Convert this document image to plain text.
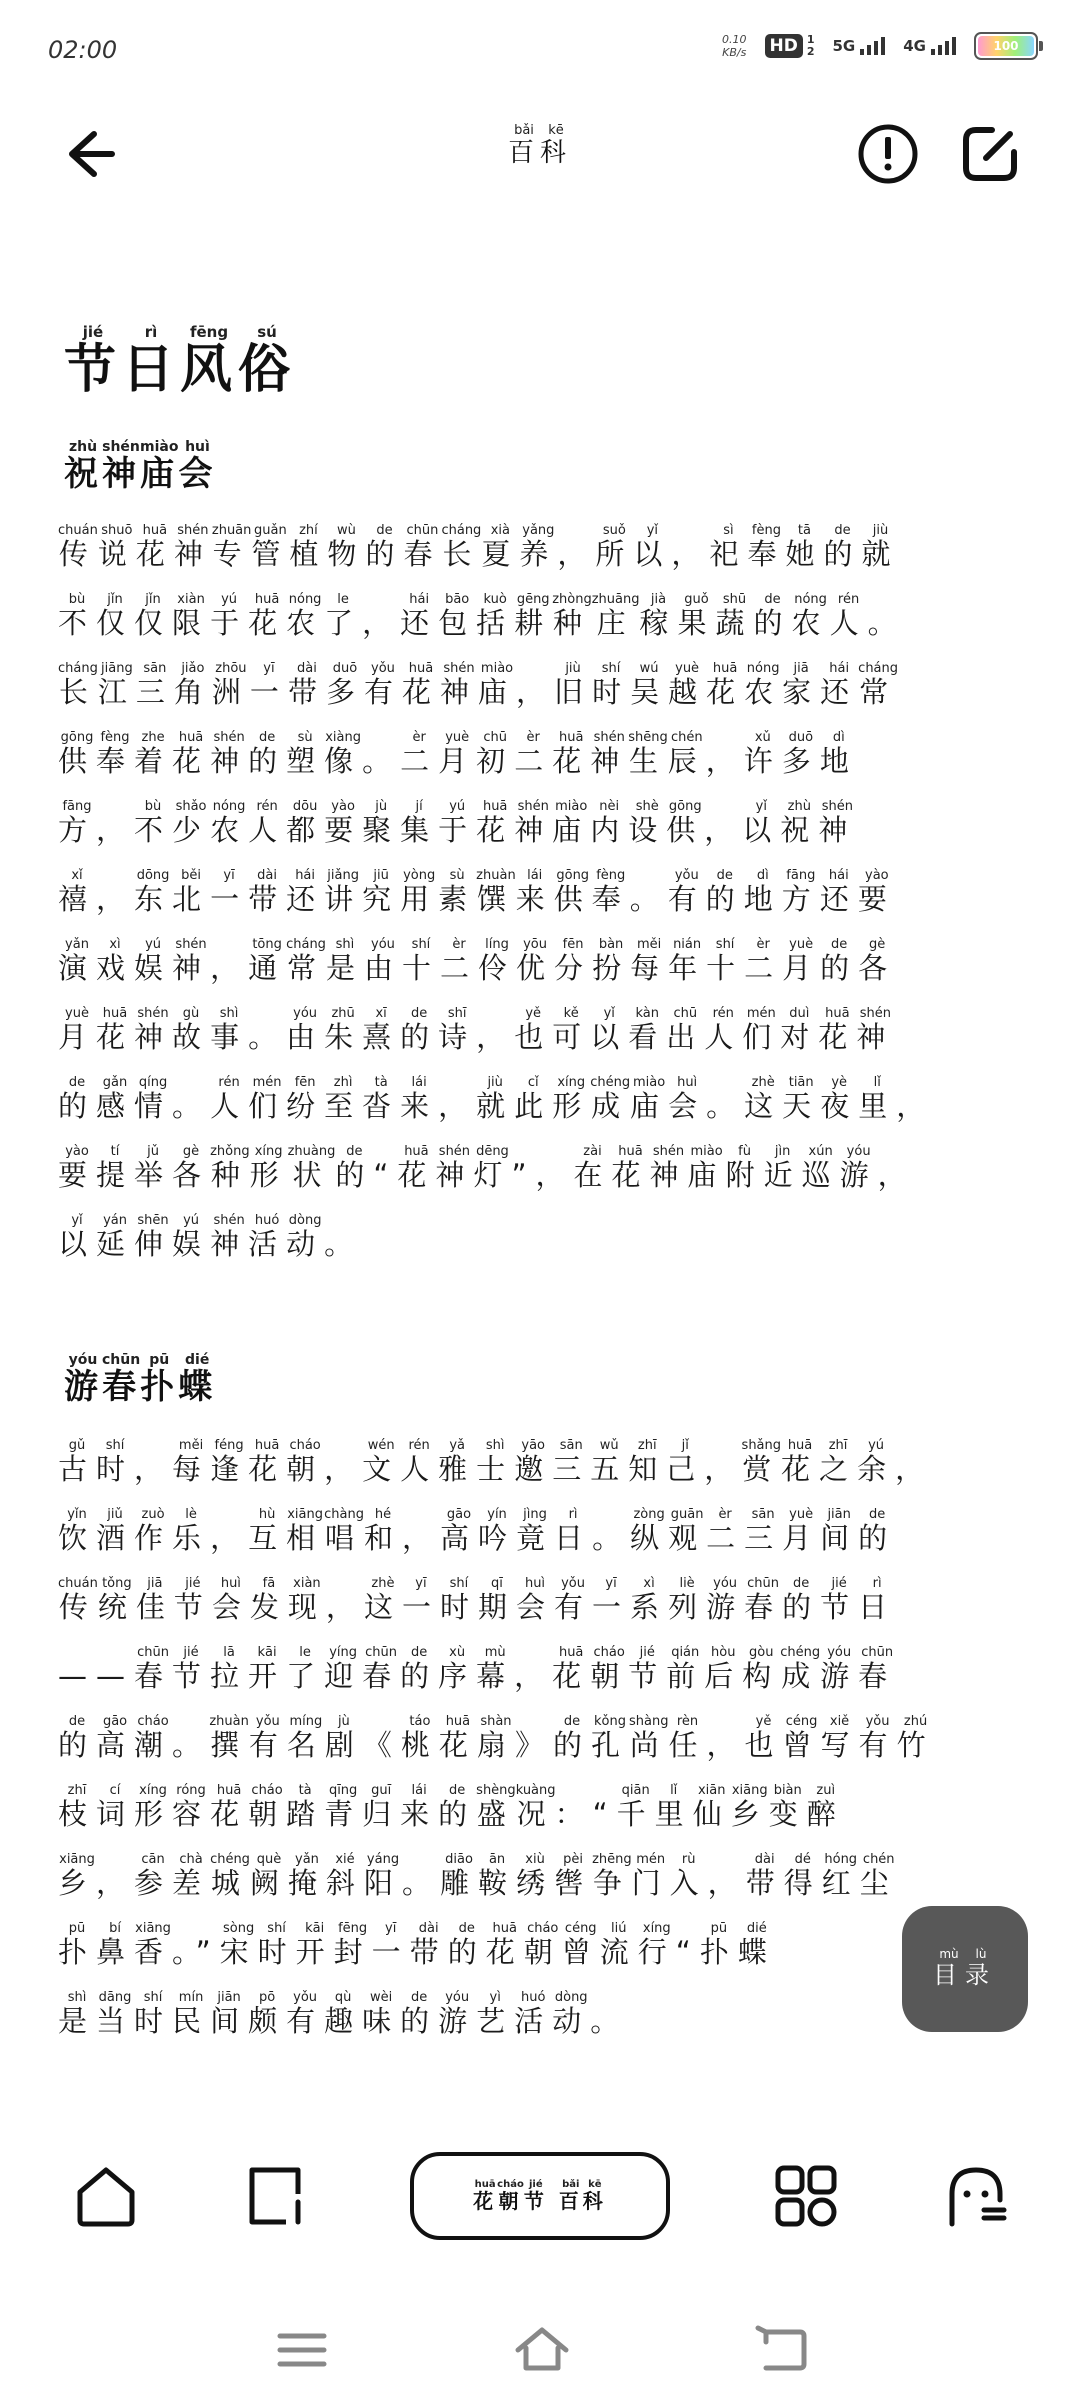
02:00	0.10
KB/s HD 1
2 5G	4G	100
百bǎi科kē
节jié日rì风fēng俗sú
祝zhù神shén庙miào会huì
传chuán说shuō花huā神shén专zhuān管guǎn植zhí物wù的de春chūn长cháng夏xià养yǎng，所suǒ以yǐ，祀sì奉fèng她tā的de就jiù
不bù仅jǐn仅jǐn限xiàn于yú花huā农nóng了le，还hái包bāo括kuò耕gēng种zhòng庄zhuāng稼jià果guǒ蔬shū的de农nóng人rén。
长cháng江jiāng三sān角jiǎo洲zhōu一yī带dài多duō有yǒu花huā神shén庙miào，旧jiù时shí吴wú越yuè花huā农nóng家jiā还hái常cháng
供gōng奉fèng着zhe花huā神shén的de塑sù像xiàng。二èr月yuè初chū二èr花huā神shén生shēng辰chén，许xǔ多duō地dì
方fāng，不bù少shǎo农nóng人rén都dōu要yào聚jù集jí于yú花huā神shén庙miào内nèi设shè供gōng，以yǐ祝zhù神shén
禧xǐ，东dōng北běi一yī带dài还hái讲jiǎng究jiū用yòng素sù馔zhuàn来lái供gōng奉fèng。有yǒu的de地dì方fāng还hái要yào
演yǎn戏xì娱yú神shén，通tōng常cháng是shì由yóu十shí二èr伶líng优yōu分fēn扮bàn每měi年nián十shí二èr月yuè的de各gè
月yuè花huā神shén故gù事shì。由yóu朱zhū熹xī的de诗shī，也yě可kě以yǐ看kàn出chū人rén们mén对duì花huā神shén
的de感gǎn情qíng。人rén们mén纷fēn至zhì沓tà来lái，就jiù此cǐ形xíng成chéng庙miào会huì。这zhè天tiān夜yè里lǐ，
要yào提tí举jǔ各gè种zhǒng形xíng状zhuàng的de“花huā神shén灯dēng”，在zài花huā神shén庙miào附fù近jìn巡xún游yóu，
以yǐ延yán伸shēn娱yú神shén活huó动dòng。
游yóu春chūn扑pū蝶dié
古gǔ时shí，每měi逢féng花huā朝cháo，文wén人rén雅yǎ士shì邀yāo三sān五wǔ知zhī己jǐ，赏shǎng花huā之zhī余yú，
饮yǐn酒jiǔ作zuò乐lè，互hù相xiāng唱chàng和hé，高gāo吟yín竟jìng日rì。纵zòng观guān二èr三sān月yuè间jiān的de
传chuán统tǒng佳jiā节jié会huì发fā现xiàn，这zhè一yī时shí期qī会huì有yǒu一yī系xì列liè游yóu春chūn的de节jié日rì
——春chūn节jié拉lā开kāi了le迎yíng春chūn的de序xù幕mù，花huā朝cháo节jié前qián后hòu构gòu成chéng游yóu春chūn
的de高gāo潮cháo。撰zhuàn有yǒu名míng剧jù《桃táo花huā扇shàn》的de孔kǒng尚shàng任rèn，也yě曾céng写xiě有yǒu竹zhú
枝zhī词cí形xíng容róng花huā朝cháo踏tà青qīng归guī来lái的de盛shèng况kuàng：“千qiān里lǐ仙xiān乡xiāng变biàn醉zuì
乡xiāng，参cān差chà城chéng阙què掩yǎn斜xié阳yáng。雕diāo鞍ān绣xiù辔pèi争zhēng门mén入rù，带dài得dé红hóng尘chén
扑pū鼻bí香xiāng。”宋sòng时shí开kāi封fēng一yī带dài的de花huā朝cháo曾céng流liú行xíng“扑pū蝶dié
是shì当dāng时shí民mín间jiān颇pō有yǒu趣qù味wèi的de游yóu艺yì活huó动dòng。
目mù录lù
花huā朝cháo节jié 百bǎi科kē
